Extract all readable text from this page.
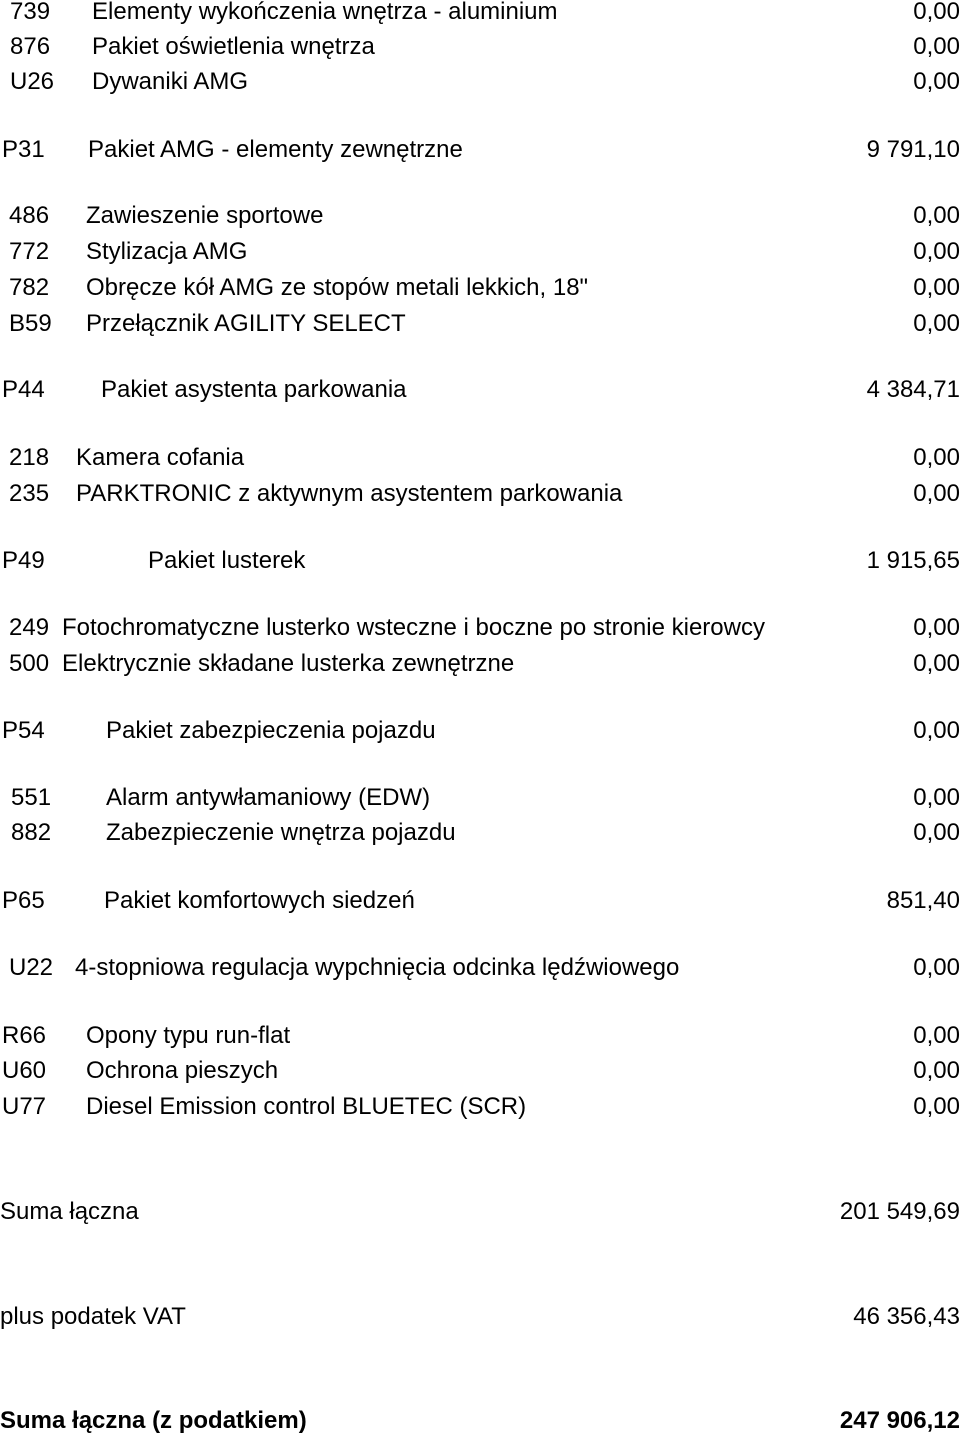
739 Elementy wykończenia wnętrza - aluminium	0,00
876 Pakiet oświetlenia wnętrza	0,00
U26 Dywaniki AMG	0,00
P31 Pakiet AMG - elementy zewnętrzne	9 791,10
486 Zawieszenie sportowe	0,00
772 Stylizacja AMG	0,00
782 Obręcze kół AMG ze stopów metali lekkich, 18"	0,00
B59 Przełącznik AGILITY SELECT	0,00
P44 Pakiet asystenta parkowania	4 384,71
218 Kamera cofania	0,00
235 PARKTRONIC z aktywnym asystentem parkowania	0,00
P49	Pakiet lusterek	1 915,65
249 Fotochromatyczne lusterko wsteczne i boczne po stronie kierowcy	0,00
500 Elektrycznie składane lusterka zewnętrzne	0,00
P54	Pakiet zabezpieczenia pojazdu	0,00
551 Alarm antywłamaniowy (EDW)	0,00
882 Zabezpieczenie wnętrza pojazdu	0,00
P65 Pakiet komfortowych siedzeń	851,40
U22 4-stopniowa regulacja wypchnięcia odcinka lędźwiowego	0,00
R66 Opony typu run-flat	0,00
U60 Ochrona pieszych	0,00
U77 Diesel Emission control BLUETEC (SCR)	0,00
Suma łączna	201 549,69
plus podatek VAT	46 356,43
Suma łączna (z podatkiem)	247 906,12
